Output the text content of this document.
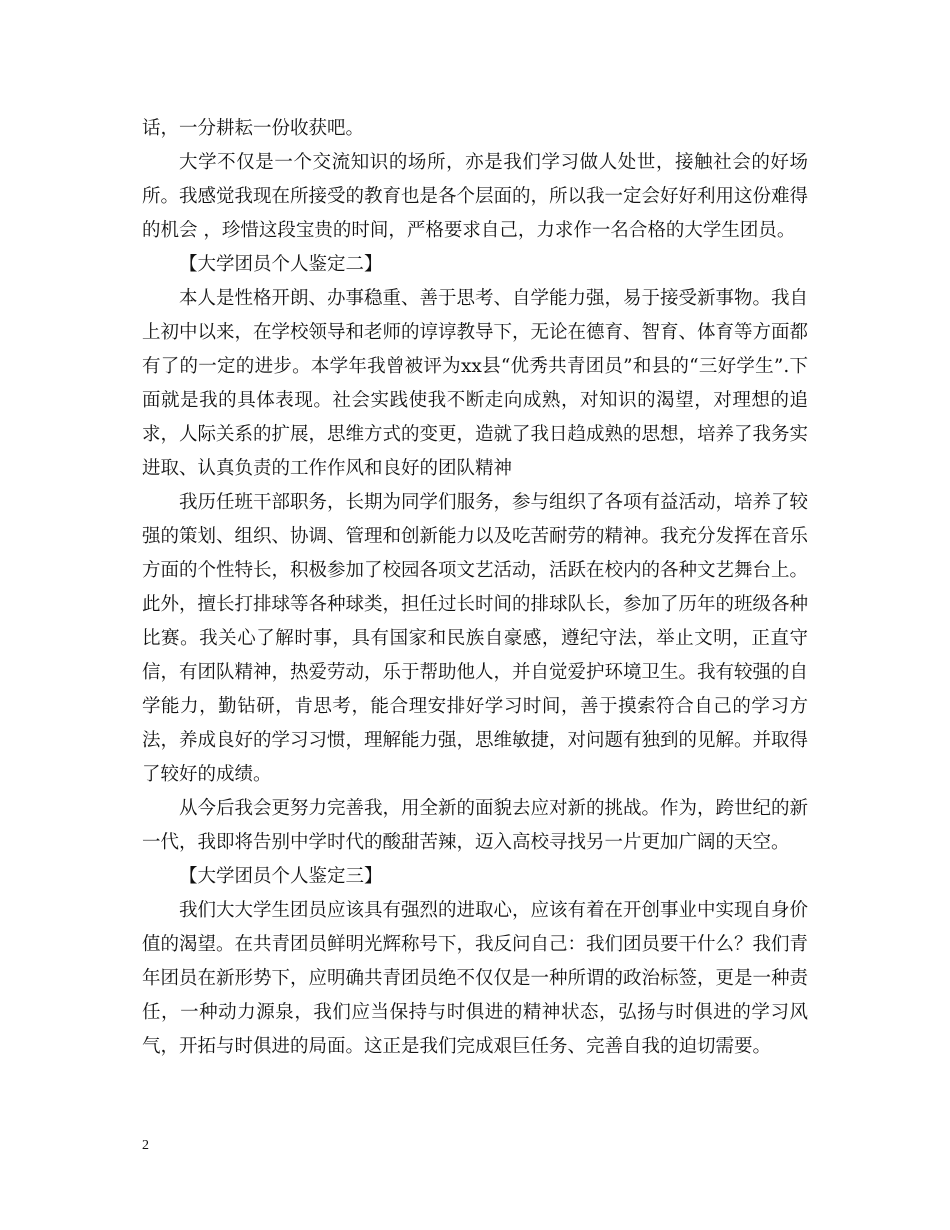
话，一分耕耘一份收获吧。

大学不仅是一个交流知识的场所，亦是我们学习做人处世，接触社会的好场所。我感觉我现在所接受的教育也是各个层面的，所以我一定会好好利用这份难得的机会 ，珍惜这段宝贵的时间，严格要求自己，力求作一名合格的大学生团员。

【大学团员个人鉴定二】

本人是性格开朗、办事稳重、善于思考、自学能力强，易于接受新事物。我自上初中以来，在学校领导和老师的谆谆教导下，无论在德育、智育、体育等方面都有了的一定的进步。本学年我曾被评为xx县“优秀共青团员”和县的“三好学生”.下面就是我的具体表现。社会实践使我不断走向成熟，对知识的渴望，对理想的追求，人际关系的扩展，思维方式的变更，造就了我日趋成熟的思想，培养了我务实进取、认真负责的工作作风和良好的团队精神

我历任班干部职务，长期为同学们服务，参与组织了各项有益活动，培养了较强的策划、组织、协调、管理和创新能力以及吃苦耐劳的精神。我充分发挥在音乐方面的个性特长，积极参加了校园各项文艺活动，活跃在校内的各种文艺舞台上。此外，擅长打排球等各种球类，担任过长时间的排球队长，参加了历年的班级各种比赛。我关心了解时事，具有国家和民族自豪感，遵纪守法，举止文明，正直守信，有团队精神，热爱劳动，乐于帮助他人，并自觉爱护环境卫生。我有较强的自学能力，勤钻研，肯思考，能合理安排好学习时间，善于摸索符合自己的学习方法，养成良好的学习习惯，理解能力强，思维敏捷，对问题有独到的见解。并取得了较好的成绩。

从今后我会更努力完善我，用全新的面貌去应对新的挑战。作为，跨世纪的新一代，我即将告别中学时代的酸甜苦辣，迈入高校寻找另一片更加广阔的天空。

【大学团员个人鉴定三】

我们大大学生团员应该具有强烈的进取心，应该有着在开创事业中实现自身价值的渴望。在共青团员鲜明光辉称号下，我反问自己：我们团员要干什么？我们青年团员在新形势下，应明确共青团员绝不仅仅是一种所谓的政治标签，更是一种责任，一种动力源泉，我们应当保持与时俱进的精神状态，弘扬与时俱进的学习风气，开拓与时俱进的局面。这正是我们完成艰巨任务、完善自我的迫切需要。

2
